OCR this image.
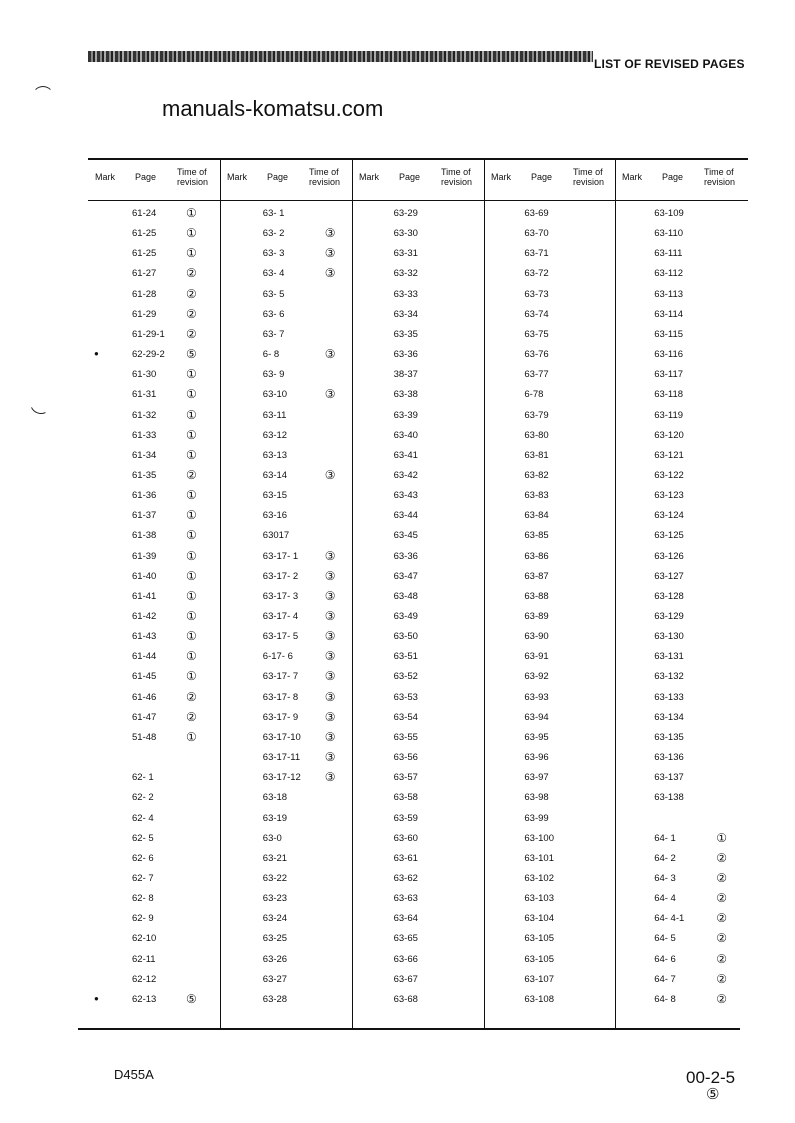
LIST OF REVISED PAGES
manuals-komatsu.com
Mark Page Time of
revision
61-24 ①
61-25 ①
61-25 ①
61-27 ②
61-28 ②
61-29 ②
61-29-1 ②
●	62-29-2 ⑤
61-30 ①
61-31 ①
61-32 ①
61-33 ①
61-34 ①
61-35 ②
61-36 ①
61-37 ①
61-38 ①
61-39 ①
61-40 ①
61-41 ①
61-42 ①
61-43 ①
61-44 ①
61-45 ①
61-46 ②
61-47 ②
51-48 ①
62- 1
62- 2
62- 4
62- 5
62- 6
62- 7
62- 8
62- 9
62-10
62-11
62-12
●	62-13 ⑤
Mark Page Time of
revision
63- 1
63- 2	③
63- 3	③
63- 4	③
63- 5
63- 6
63- 7
6- 8	③
63- 9
63-10	③
63-11
63-12
63-13
63-14	③
63-15
63-16
63017
63-17- 1 ③
63-17- 2 ③
63-17- 3 ③
63-17- 4 ③
63-17- 5 ③
6-17- 6	③
63-17- 7 ③
63-17- 8 ③
63-17- 9 ③
63-17-10 ③
63-17-11 ③
63-17-12 ③
63-18
63-19
63-0
63-21
63-22
63-23
63-24
63-25
63-26
63-27
63-28
Mark Page Time of
revision
63-29
63-30
63-31
63-32
63-33
63-34
63-35
63-36
38-37
63-38
63-39
63-40
63-41
63-42
63-43
63-44
63-45
63-36
63-47
63-48
63-49
63-50
63-51
63-52
63-53
63-54
63-55
63-56
63-57
63-58
63-59
63-60
63-61
63-62
63-63
63-64
63-65
63-66
63-67
63-68
Mark Page Time of
revision
63-69
63-70
63-71
63-72
63-73
63-74
63-75
63-76
63-77
6-78
63-79
63-80
63-81
63-82
63-83
63-84
63-85
63-86
63-87
63-88
63-89
63-90
63-91
63-92
63-93
63-94
63-95
63-96
63-97
63-98
63-99
63-100
63-101
63-102
63-103
63-104
63-105
63-105
63-107
63-108
Mark Page Time of
revision
63-109
63-110
63-111
63-112
63-113
63-114
63-115
63-116
63-117
63-118
63-119
63-120
63-121
63-122
63-123
63-124
63-125
63-126
63-127
63-128
63-129
63-130
63-131
63-132
63-133
63-134
63-135
63-136
63-137
63-138
64- 1	①
64- 2	②
64- 3	②
64- 4	②
64- 4-1	②
64- 5	②
64- 6	②
64- 7	②
64- 8	②
D455A	00-2-5
⑤
